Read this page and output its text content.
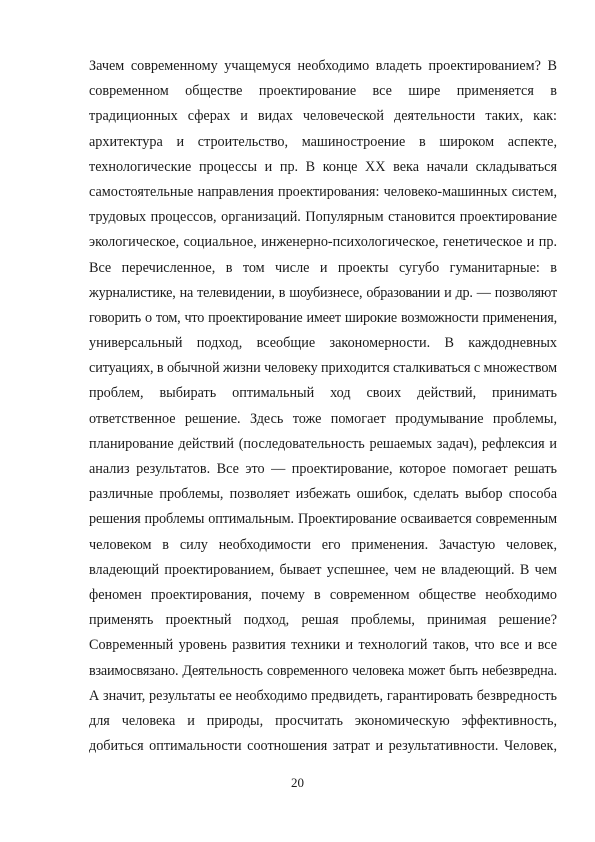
Зачем современному учащемуся необходимо владеть проектированием? В
современном обществе проектирование все шире применяется в
традиционных сферах и видах человеческой деятельности таких, как:
архитектура и строительство, машиностроение в широком аспекте,
технологические процессы и пр. В конце XX века начали складываться
самостоятельные направления проектирования: человеко-машинных систем,
трудовых процессов, организаций. Популярным становится проектирование
экологическое, социальное, инженерно-психологическое, генетическое и пр.
Все перечисленное, в том числе и проекты сугубо гуманитарные: в
журналистике, на телевидении, в шоубизнесе, образовании и др. — позволяют
говорить о том, что проектирование имеет широкие возможности применения,
универсальный подход, всеобщие закономерности. В каждодневных
ситуациях, в обычной жизни человеку приходится сталкиваться с множеством
проблем, выбирать оптимальный ход своих действий, принимать
ответственное решение. Здесь тоже помогает продумывание проблемы,
планирование действий (последовательность решаемых задач), рефлексия и
анализ результатов. Все это — проектирование, которое помогает решать
различные проблемы, позволяет избежать ошибок, сделать выбор способа
решения проблемы оптимальным. Проектирование осваивается современным
человеком в силу необходимости его применения. Зачастую человек,
владеющий проектированием, бывает успешнее, чем не владеющий. В чем
феномен проектирования, почему в современном обществе необходимо
применять проектный подход, решая проблемы, принимая решение?
Современный уровень развития техники и технологий таков, что все и все
взаимосвязано. Деятельность современного человека может быть небезвредна.
А значит, результаты ее необходимо предвидеть, гарантировать безвредность
для человека и природы, просчитать экономическую эффективность,
добиться оптимальности соотношения затрат и результативности. Человек,
20
